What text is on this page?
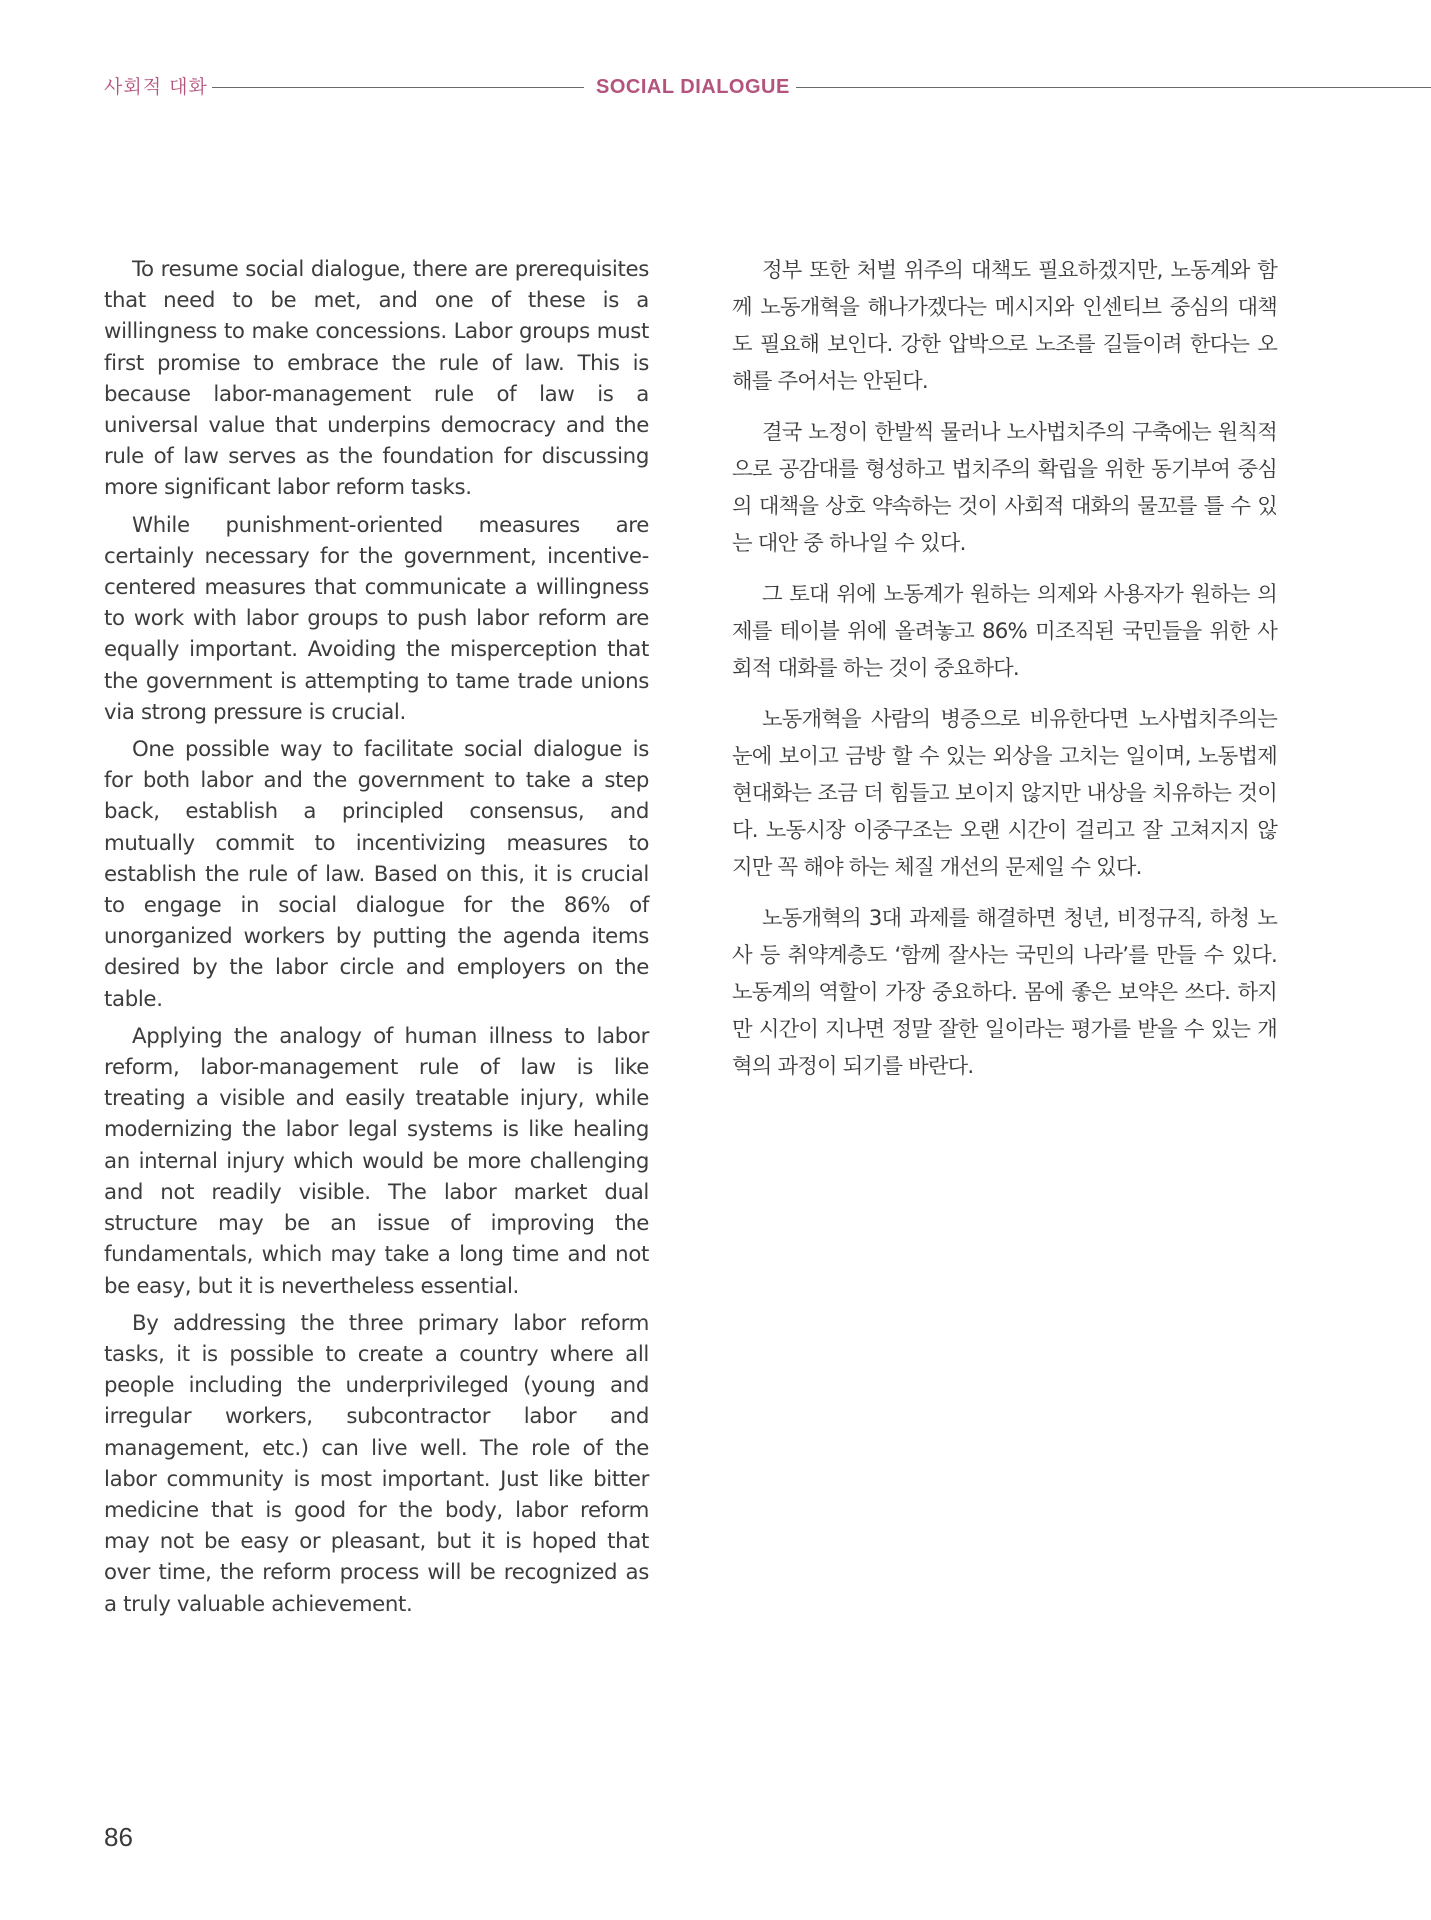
사회적 대화	SOCIAL DIALOGUE

To resume social dialogue, there are prerequisites that need to be met, and one of these is a willingness to make concessions. Labor groups must first promise to embrace the rule of law. This is because labor-management rule of law is a universal value that underpins democracy and the rule of law serves as the foundation for discussing more significant labor reform tasks.

While punishment-oriented measures are certainly necessary for the government, incentive-centered measures that communicate a willingness to work with labor groups to push labor reform are equally important. Avoiding the misperception that the government is attempting to tame trade unions via strong pressure is crucial.

One possible way to facilitate social dialogue is for both labor and the government to take a step back, establish a principled consensus, and mutually commit to incentivizing measures to establish the rule of law. Based on this, it is crucial to engage in social dialogue for the 86% of unorganized workers by putting the agenda items desired by the labor circle and employers on the table.

Applying the analogy of human illness to labor reform, labor-management rule of law is like treating a visible and easily treatable injury, while modernizing the labor legal systems is like healing an internal injury which would be more challenging and not readily visible. The labor market dual structure may be an issue of improving the fundamentals, which may take a long time and not be easy, but it is nevertheless essential.

By addressing the three primary labor reform tasks, it is possible to create a country where all people including the underprivileged (young and irregular workers, subcontractor labor and management, etc.) can live well. The role of the labor community is most important. Just like bitter medicine that is good for the body, labor reform may not be easy or pleasant, but it is hoped that over time, the reform process will be recognized as a truly valuable achievement.

정부 또한 처벌 위주의 대책도 필요하겠지만, 노동계와 함께 노동개혁을 해나가겠다는 메시지와 인센티브 중심의 대책도 필요해 보인다. 강한 압박으로 노조를 길들이려 한다는 오해를 주어서는 안된다.

결국 노정이 한발씩 물러나 노사법치주의 구축에는 원칙적으로 공감대를 형성하고 법치주의 확립을 위한 동기부여 중심의 대책을 상호 약속하는 것이 사회적 대화의 물꼬를 틀 수 있는 대안 중 하나일 수 있다.

그 토대 위에 노동계가 원하는 의제와 사용자가 원하는 의제를 테이블 위에 올려놓고 86% 미조직된 국민들을 위한 사회적 대화를 하는 것이 중요하다.

노동개혁을 사람의 병증으로 비유한다면 노사법치주의는 눈에 보이고 금방 할 수 있는 외상을 고치는 일이며, 노동법제 현대화는 조금 더 힘들고 보이지 않지만 내상을 치유하는 것이다. 노동시장 이중구조는 오랜 시간이 걸리고 잘 고쳐지지 않지만 꼭 해야 하는 체질 개선의 문제일 수 있다.

노동개혁의 3대 과제를 해결하면 청년, 비정규직, 하청 노사 등 취약계층도 ‘함께 잘사는 국민의 나라’를 만들 수 있다. 노동계의 역할이 가장 중요하다. 몸에 좋은 보약은 쓰다. 하지만 시간이 지나면 정말 잘한 일이라는 평가를 받을 수 있는 개혁의 과정이 되기를 바란다.

86
